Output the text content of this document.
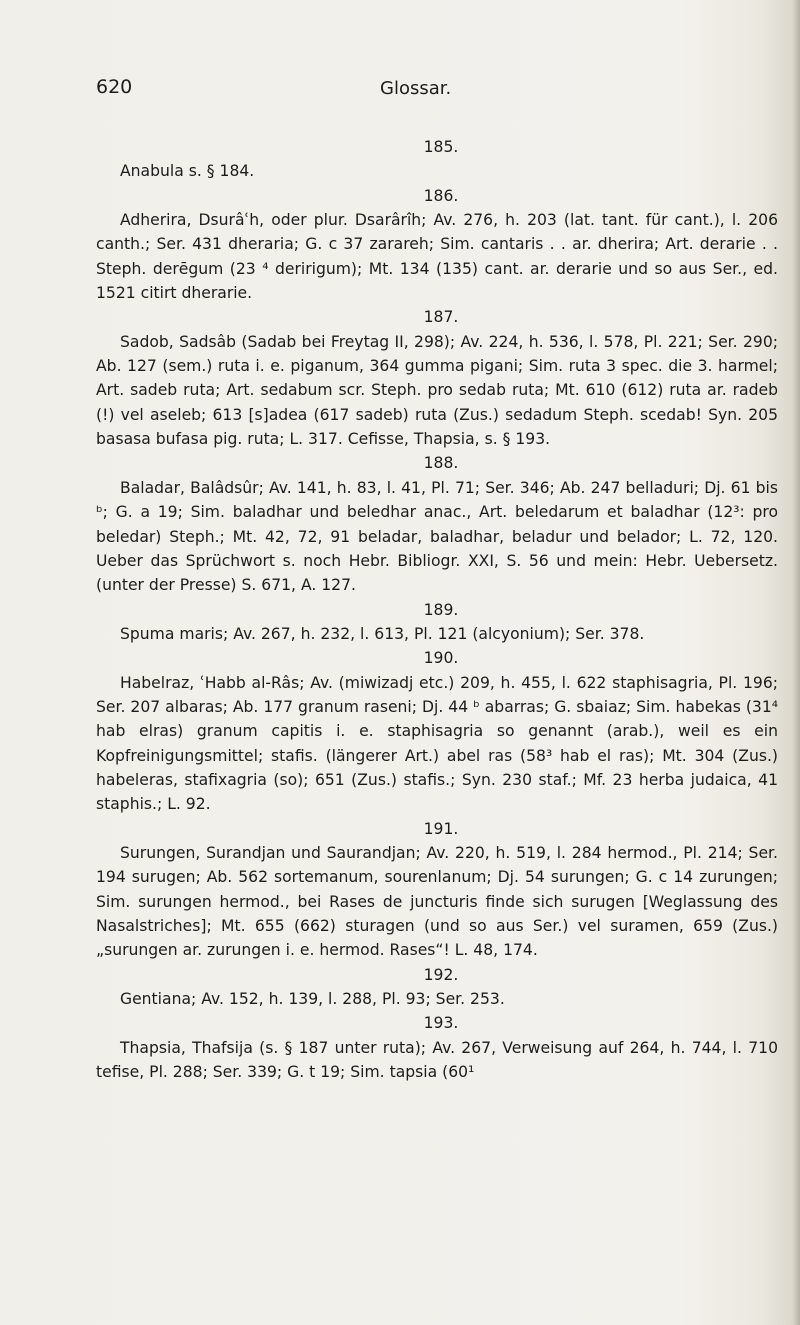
620	Glossar.
185.
Anabula s. § 184.
186.
Adherira, Dsurâʿh, oder plur. Dsarârîh; Av. 276, h. 203 (lat. tant. für cant.), l. 206 canth.; Ser. 431 dheraria; G. c 37 zarareh; Sim. cantaris . . ar. dherira; Art. derarie . . Steph. derēgum (23 ⁴ deririgum); Mt. 134 (135) cant. ar. derarie und so aus Ser., ed. 1521 citirt dherarie.
187.
Sadob, Sadsâb (Sadab bei Freytag II, 298); Av. 224, h. 536, l. 578, Pl. 221; Ser. 290; Ab. 127 (sem.) ruta i. e. piganum, 364 gumma pigani; Sim. ruta 3 spec. die 3. harmel; Art. sadeb ruta; Art. sedabum scr. Steph. pro sedab ruta; Mt. 610 (612) ruta ar. radeb (!) vel aseleb; 613 [s]adea (617 sadeb) ruta (Zus.) sedadum Steph. scedab! Syn. 205 basasa bufasa pig. ruta; L. 317. Cefisse, Thapsia, s. § 193.
188.
Baladar, Balâdsûr; Av. 141, h. 83, l. 41, Pl. 71; Ser. 346; Ab. 247 belladuri; Dj. 61 bis ᵇ; G. a 19; Sim. baladhar und beledhar anac., Art. beledarum et baladhar (12³: pro beledar) Steph.; Mt. 42, 72, 91 beladar, baladhar, beladur und belador; L. 72, 120. Ueber das Sprüchwort s. noch Hebr. Bibliogr. XXI, S. 56 und mein: Hebr. Uebersetz. (unter der Presse) S. 671, A. 127.
189.
Spuma maris; Av. 267, h. 232, l. 613, Pl. 121 (alcyonium); Ser. 378.
190.
Habelraz, ʿHabb al-Râs; Av. (miwizadj etc.) 209, h. 455, l. 622 staphisagria, Pl. 196; Ser. 207 albaras; Ab. 177 granum raseni; Dj. 44 ᵇ abarras; G. sbaiaz; Sim. habekas (31⁴ hab elras) granum capitis i. e. staphisagria so genannt (arab.), weil es ein Kopfreinigungsmittel; stafis. (längerer Art.) abel ras (58³ hab el ras); Mt. 304 (Zus.) habeleras, stafixagria (so); 651 (Zus.) stafis.; Syn. 230 staf.; Mf. 23 herba judaica, 41 staphis.; L. 92.
191.
Surungen, Surandjan und Saurandjan; Av. 220, h. 519, l. 284 hermod., Pl. 214; Ser. 194 surugen; Ab. 562 sortemanum, sourenlanum; Dj. 54 surungen; G. c 14 zurungen; Sim. surungen hermod., bei Rases de juncturis finde sich surugen [Weglassung des Nasalstriches]; Mt. 655 (662) sturagen (und so aus Ser.) vel suramen, 659 (Zus.) „surungen ar. zurungen i. e. hermod. Rases“! L. 48, 174.
192.
Gentiana; Av. 152, h. 139, l. 288, Pl. 93; Ser. 253.
193.
Thapsia, Thafsija (s. § 187 unter ruta); Av. 267, Verweisung auf 264, h. 744, l. 710 tefise, Pl. 288; Ser. 339; G. t 19; Sim. tapsia (60¹
